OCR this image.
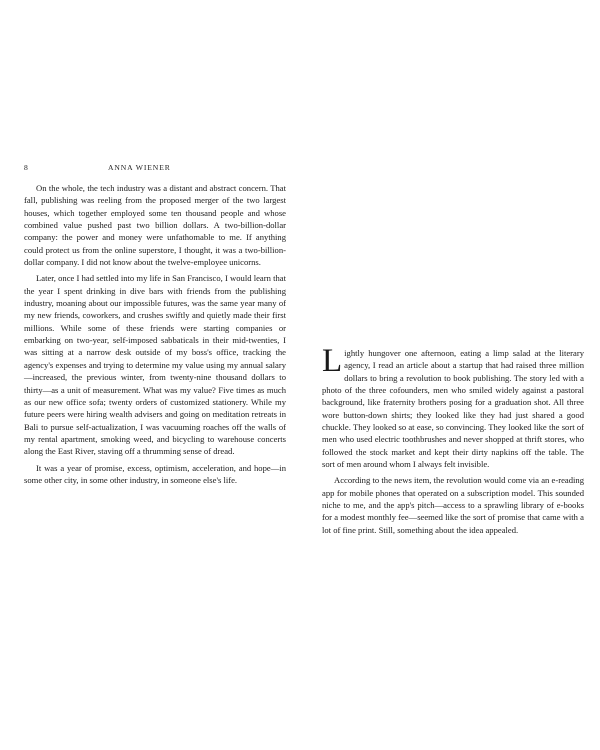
8	ANNA WIENER

On the whole, the tech industry was a distant and abstract concern. That fall, publishing was reeling from the proposed merger of the two largest houses, which together employed some ten thousand people and whose combined value pushed past two billion dollars. A two-billion-dollar company: the power and money were unfathomable to me. If anything could protect us from the online superstore, I thought, it was a two-billion-dollar company. I did not know about the twelve-employee unicorns.

Later, once I had settled into my life in San Francisco, I would learn that the year I spent drinking in dive bars with friends from the publishing industry, moaning about our impossible futures, was the same year many of my new friends, coworkers, and crushes swiftly and quietly made their first millions. While some of these friends were starting companies or embarking on two-year, self-imposed sabbaticals in their mid-twenties, I was sitting at a narrow desk outside of my boss's office, tracking the agency's expenses and trying to determine my value using my annual salary—increased, the previous winter, from twenty-nine thousand dollars to thirty—as a unit of measurement. What was my value? Five times as much as our new office sofa; twenty orders of customized stationery. While my future peers were hiring wealth advisers and going on meditation retreats in Bali to pursue self-actualization, I was vacuuming roaches off the walls of my rental apartment, smoking weed, and bicycling to warehouse concerts along the East River, staving off a thrumming sense of dread.

It was a year of promise, excess, optimism, acceleration, and hope—in some other city, in some other industry, in someone else's life.

Lightly hungover one afternoon, eating a limp salad at the literary agency, I read an article about a startup that had raised three million dollars to bring a revolution to book publishing. The story led with a photo of the three cofounders, men who smiled widely against a pastoral background, like fraternity brothers posing for a graduation shot. All three wore button-down shirts; they looked like they had just shared a good chuckle. They looked so at ease, so convincing. They looked like the sort of men who used electric toothbrushes and never shopped at thrift stores, who followed the stock market and kept their dirty napkins off the table. The sort of men around whom I always felt invisible.

According to the news item, the revolution would come via an e-reading app for mobile phones that operated on a subscription model. This sounded niche to me, and the app's pitch—access to a sprawling library of e-books for a modest monthly fee—seemed like the sort of promise that came with a lot of fine print. Still, something about the idea appealed.
